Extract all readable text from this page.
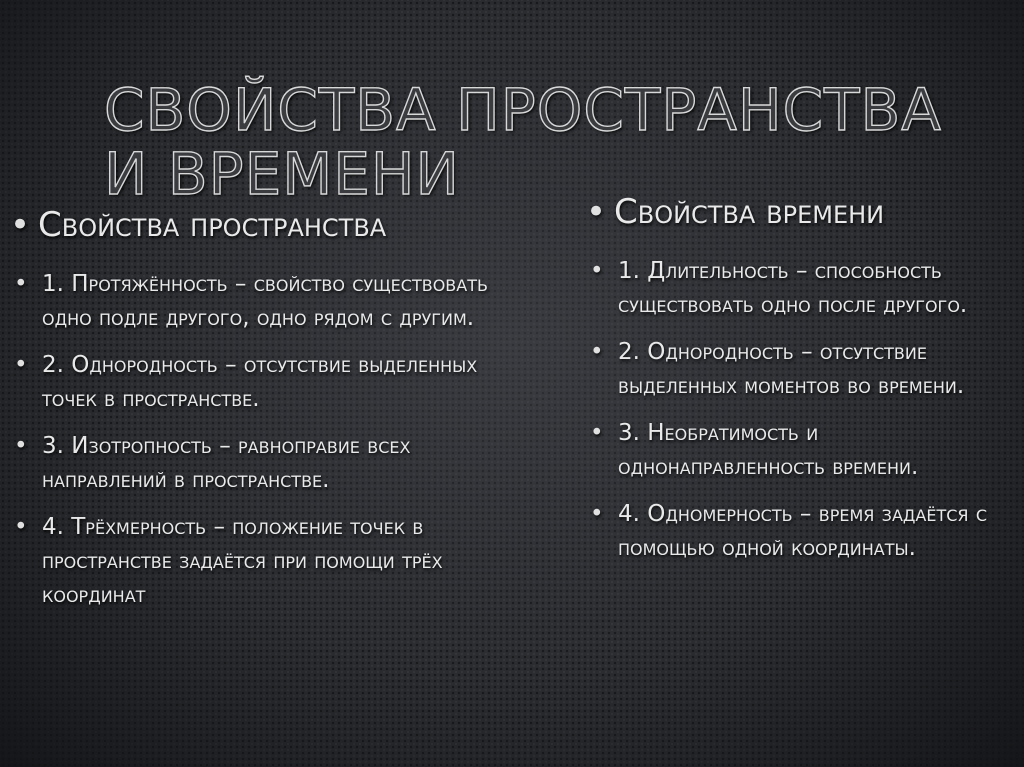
СВОЙСТВА ПРОСТРАНСТВА И ВРЕМЕНИ
• Свойства пространства
• 1. Протяжённость – свойство существовать одно подле другого, одно рядом с другим.
• 2. Однородность – отсутствие выделенных точек в пространстве.
• 3. Изотропность – равноправие всех направлений в пространстве.
• 4. Трёхмерность – положение точек в пространстве задаётся при помощи трёх координат
• Свойства времени
• 1. Длительность – способность существовать одно после другого.
• 2. Однородность – отсутствие выделенных моментов во времени.
• 3. Необратимость и однонаправленность времени.
• 4. Одномерность – время задаётся с помощью одной координаты.
